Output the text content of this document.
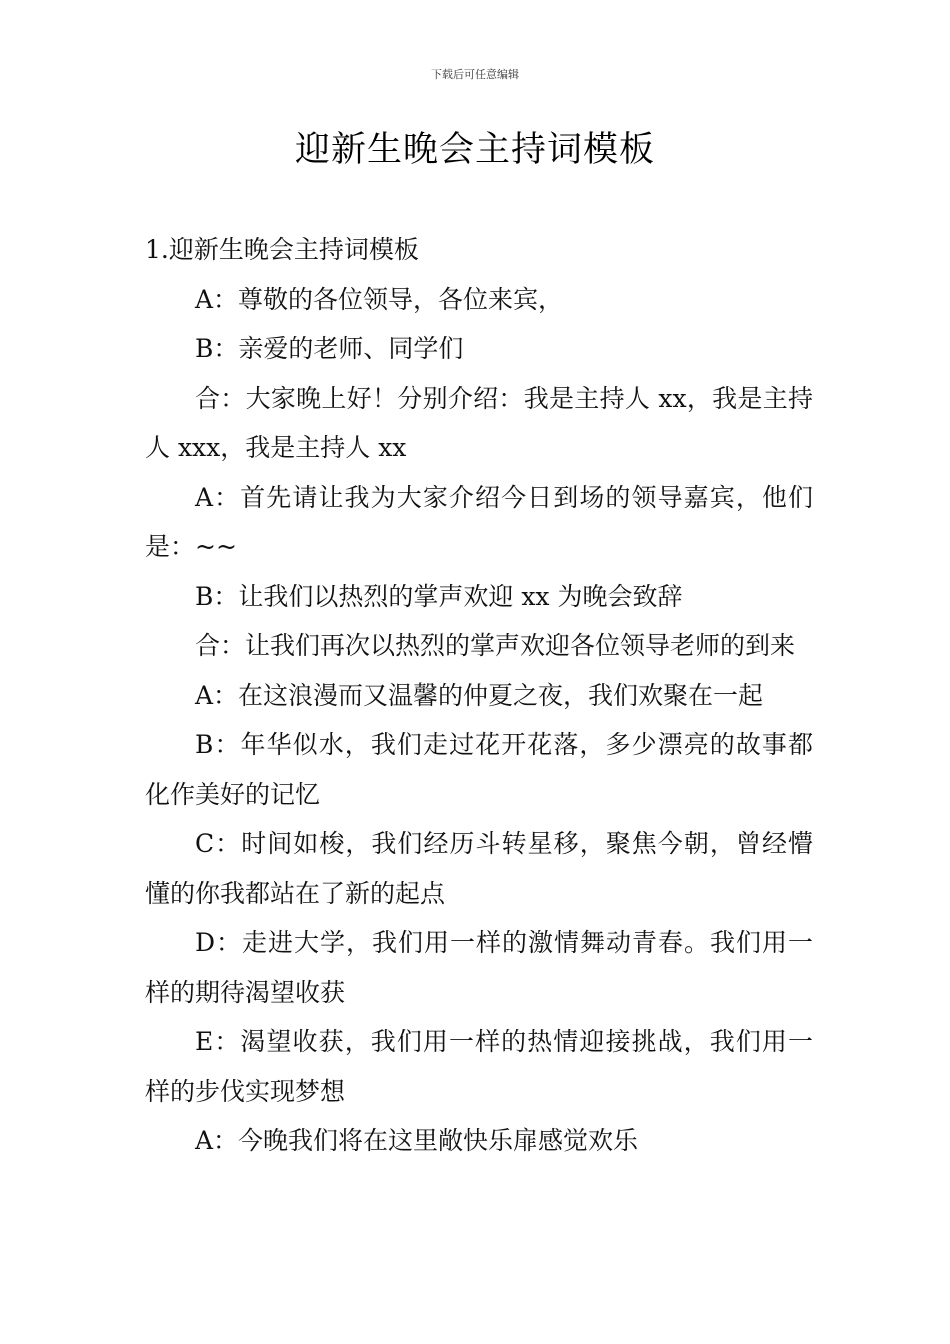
下载后可任意编辑
迎新生晚会主持词模板

1.迎新生晚会主持词模板

A：尊敬的各位领导，各位来宾，

B：亲爱的老师、同学们

合：大家晚上好！分别介绍：我是主持人 xx，我是主持人 xxx，我是主持人 xx

A：首先请让我为大家介绍今日到场的领导嘉宾，他们是：~~

B：让我们以热烈的掌声欢迎 xx 为晚会致辞

合：让我们再次以热烈的掌声欢迎各位领导老师的到来

A：在这浪漫而又温馨的仲夏之夜，我们欢聚在一起

B：年华似水，我们走过花开花落，多少漂亮的故事都化作美好的记忆

C：时间如梭，我们经历斗转星移，聚焦今朝，曾经懵懂的你我都站在了新的起点

D：走进大学，我们用一样的激情舞动青春。我们用一样的期待渴望收获

E：渴望收获，我们用一样的热情迎接挑战，我们用一样的步伐实现梦想

A：今晚我们将在这里敞快乐扉感觉欢乐
